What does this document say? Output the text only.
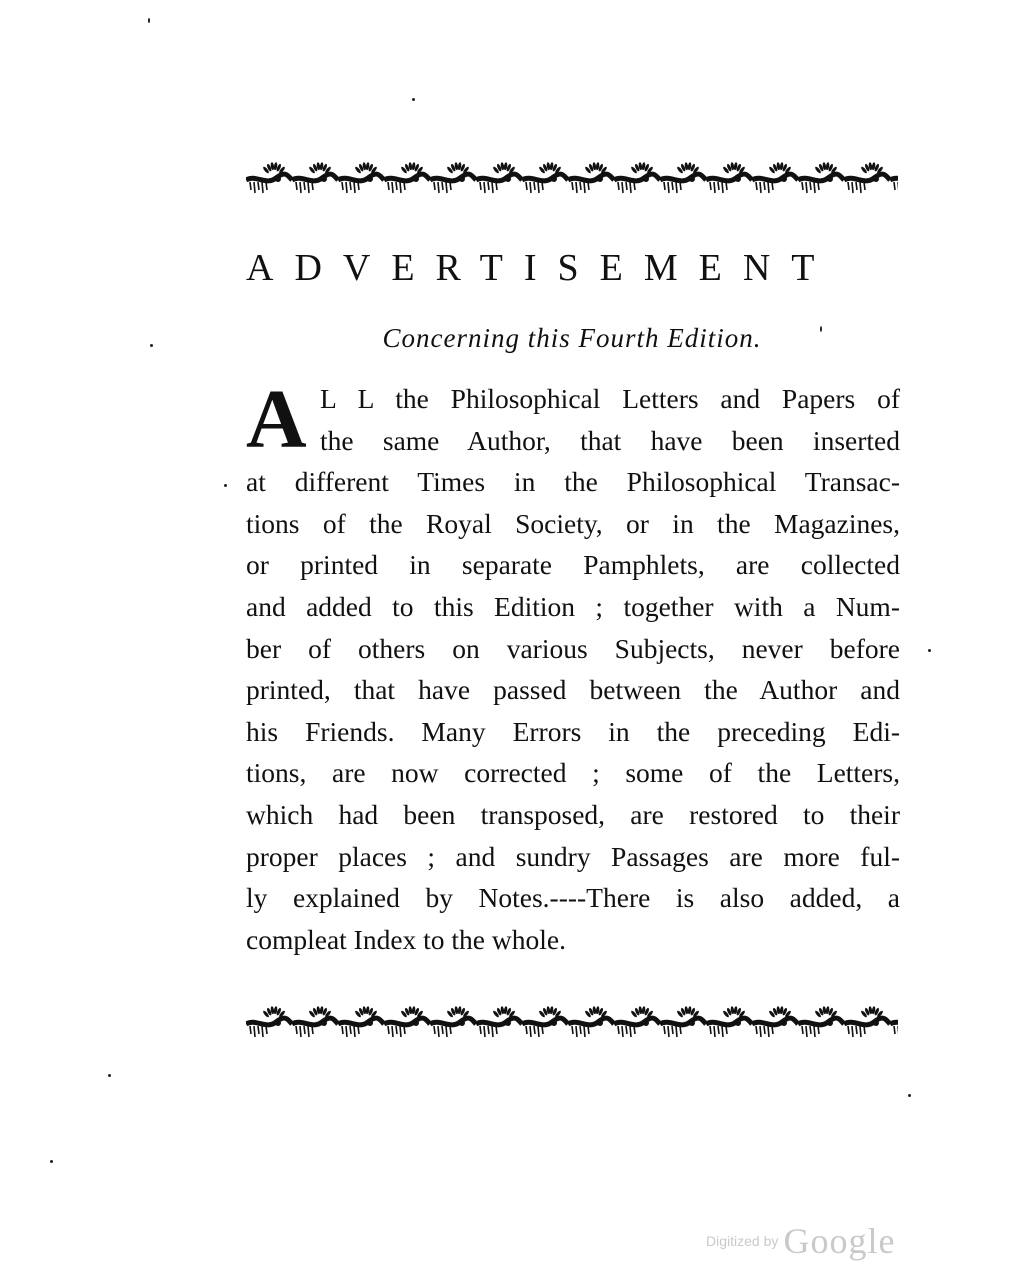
ADVERTISEMENT

Concerning this Fourth Edition.

A L L the Philosophical Letters and Papers of
the same Author, that have been inserted
at different Times in the Philosophical Transac-
tions of the Royal Society, or in the Magazines,
or printed in separate Pamphlets, are collected
and added to this Edition ; together with a Num-
ber of others on various Subjects, never before
printed, that have passed between the Author and
his Friends. Many Errors in the preceding Edi-
tions, are now corrected ; some of the Letters,
which had been transposed, are restored to their
proper places ; and sundry Passages are more ful-
ly explained by Notes.----There is also added, a
compleat Index to the whole.
Digitized by Google
